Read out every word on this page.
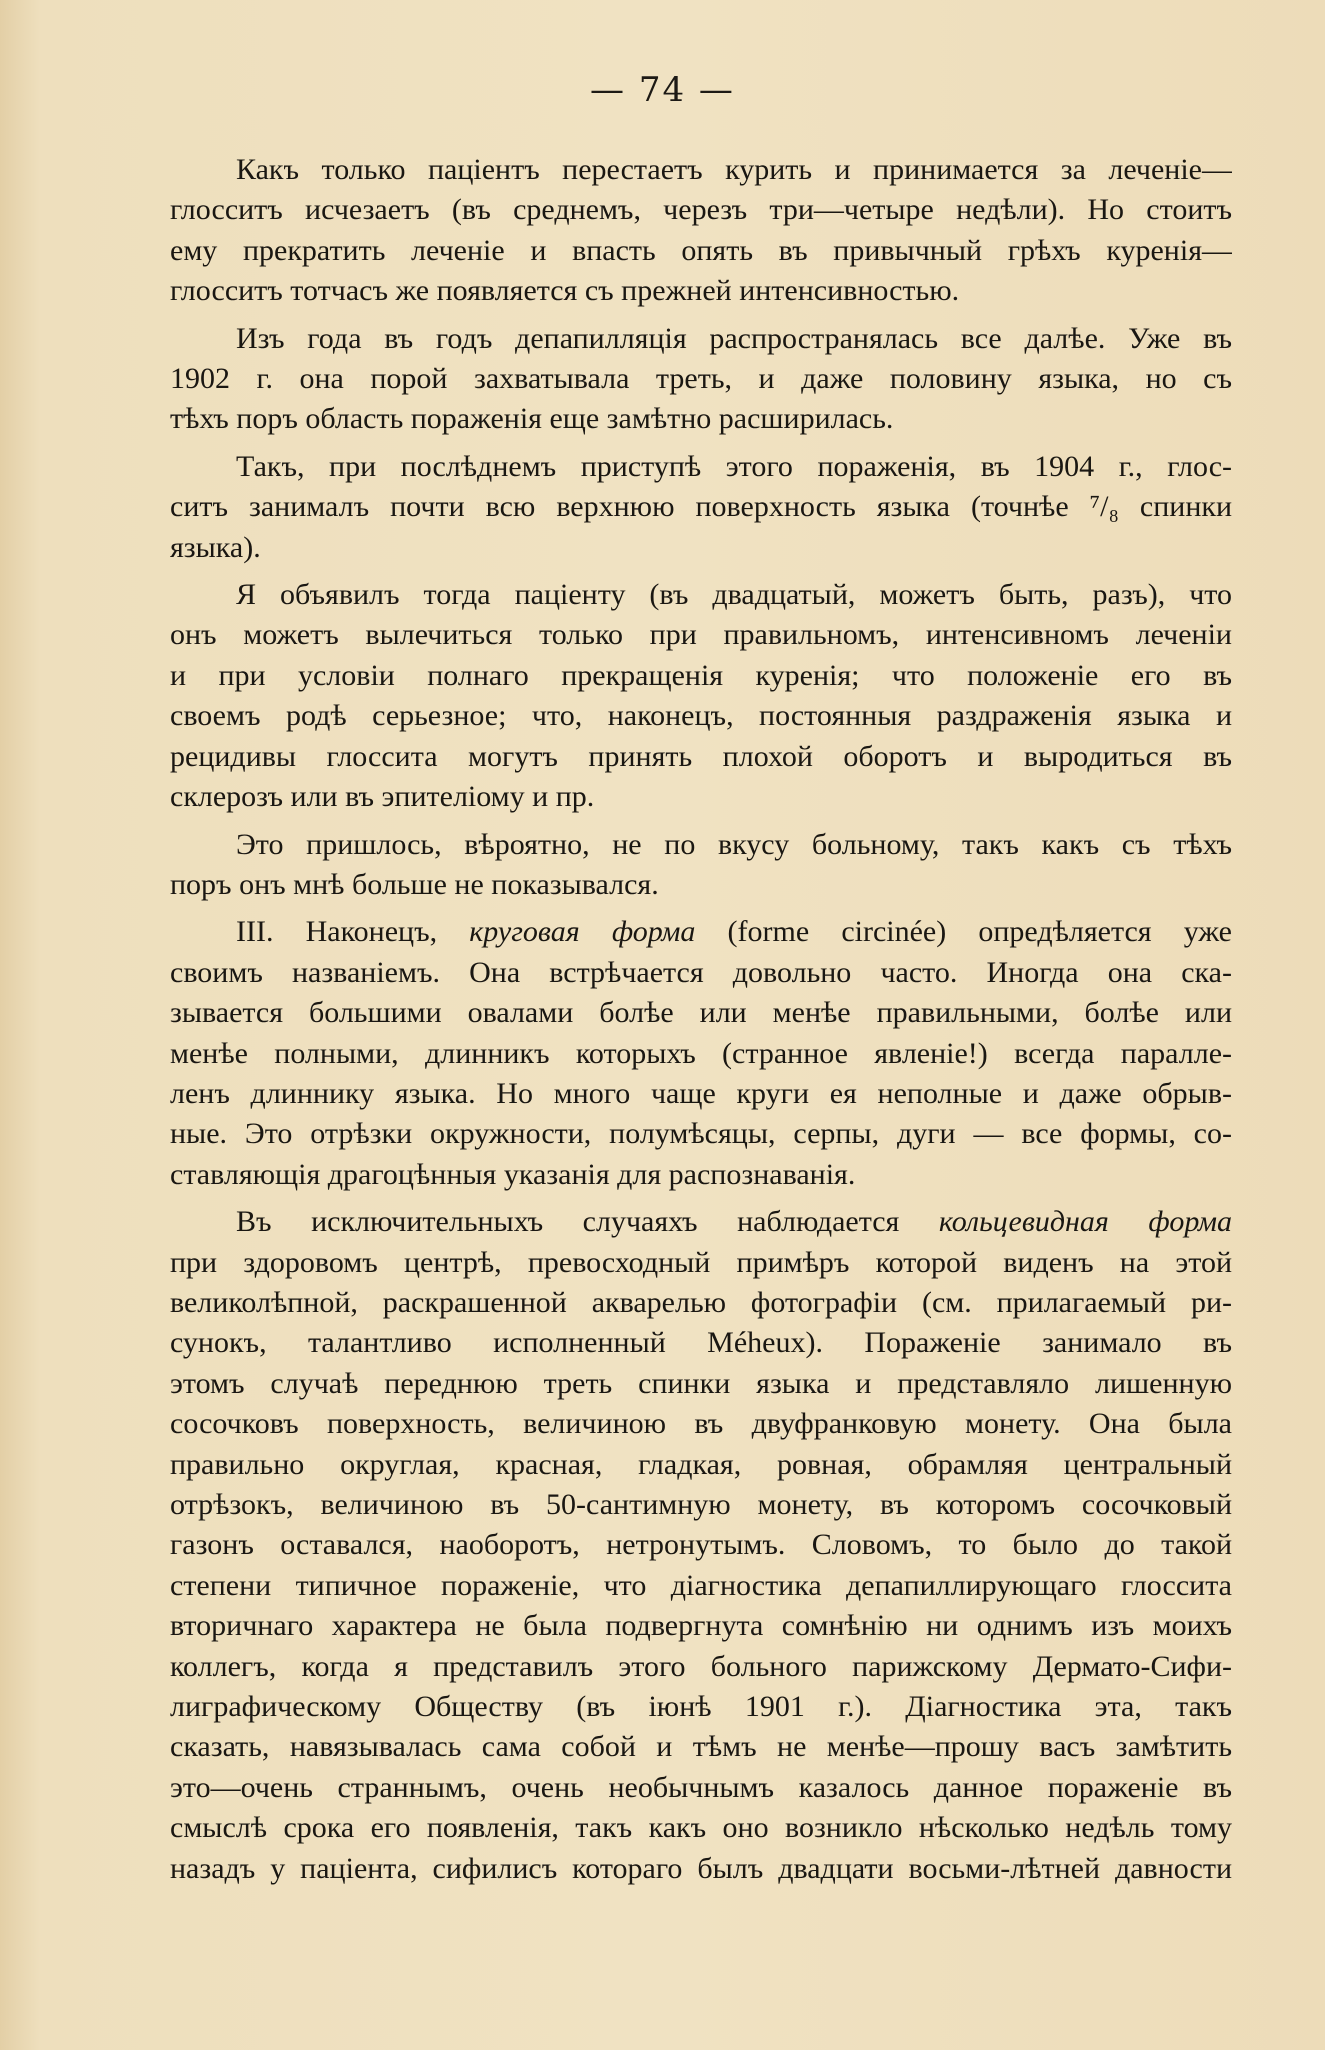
— 74 —
Какъ только паціентъ перестаетъ курить и принимается за леченіе—
глосситъ исчезаетъ (въ среднемъ, черезъ три—четыре недѣли). Но стоитъ
ему прекратить леченіе и впасть опять въ привычный грѣхъ куренія—
глосситъ тотчасъ же появляется съ прежней интенсивностью.
Изъ года въ годъ депапилляція распространялась все далѣе. Уже въ
1902 г. она порой захватывала треть, и даже половину языка, но съ
тѣхъ поръ область пораженія еще замѣтно расширилась.
Такъ, при послѣднемъ приступѣ этого пораженія, въ 1904 г., глос-
ситъ занималъ почти всю верхнюю поверхность языка (точнѣе ⁷/₈ спинки
языка).
Я объявилъ тогда паціенту (въ двадцатый, можетъ быть, разъ), что
онъ можетъ вылечиться только при правильномъ, интенсивномъ леченіи
и при условіи полнаго прекращенія куренія; что положеніе его въ
своемъ родѣ серьезное; что, наконецъ, постоянныя раздраженія языка и
рецидивы глоссита могутъ принять плохой оборотъ и выродиться въ
склерозъ или въ эпителіому и пр.
Это пришлось, вѣроятно, не по вкусу больному, такъ какъ съ тѣхъ
поръ онъ мнѣ больше не показывался.
III. Наконецъ, круговая форма (forme circinée) опредѣляется уже
своимъ названіемъ. Она встрѣчается довольно часто. Иногда она ска-
зывается большими овалами болѣе или менѣе правильными, болѣе или
менѣе полными, длинникъ которыхъ (странное явленіе!) всегда паралле-
ленъ длиннику языка. Но много чаще круги ея неполные и даже обрыв-
ные. Это отрѣзки окружности, полумѣсяцы, серпы, дуги — все формы, со-
ставляющія драгоцѣнныя указанія для распознаванія.
Въ исключительныхъ случаяхъ наблюдается кольцевидная форма
при здоровомъ центрѣ, превосходный примѣръ которой виденъ на этой
великолѣпной, раскрашенной акварелью фотографіи (см. прилагаемый ри-
сунокъ, талантливо исполненный Méheux). Пораженіе занимало въ
этомъ случаѣ переднюю треть спинки языка и представляло лишенную
сосочковъ поверхность, величиною въ двуфранковую монету. Она была
правильно округлая, красная, гладкая, ровная, обрамляя центральный
отрѣзокъ, величиною въ 50-сантимную монету, въ которомъ сосочковый
газонъ оставался, наоборотъ, нетронутымъ. Словомъ, то было до такой
степени типичное пораженіе, что діагностика депапиллирующаго глоссита
вторичнаго характера не была подвергнута сомнѣнію ни однимъ изъ моихъ
коллегъ, когда я представилъ этого больного парижскому Дермато-Сифи-
лиграфическому Обществу (въ іюнѣ 1901 г.). Діагностика эта, такъ
сказать, навязывалась сама собой и тѣмъ не менѣе—прошу васъ замѣтить
это—очень страннымъ, очень необычнымъ казалось данное пораженіе въ
смыслѣ срока его появленія, такъ какъ оно возникло нѣсколько недѣль тому
назадъ у паціента, сифилисъ котораго былъ двадцати восьми-лѣтней давности
